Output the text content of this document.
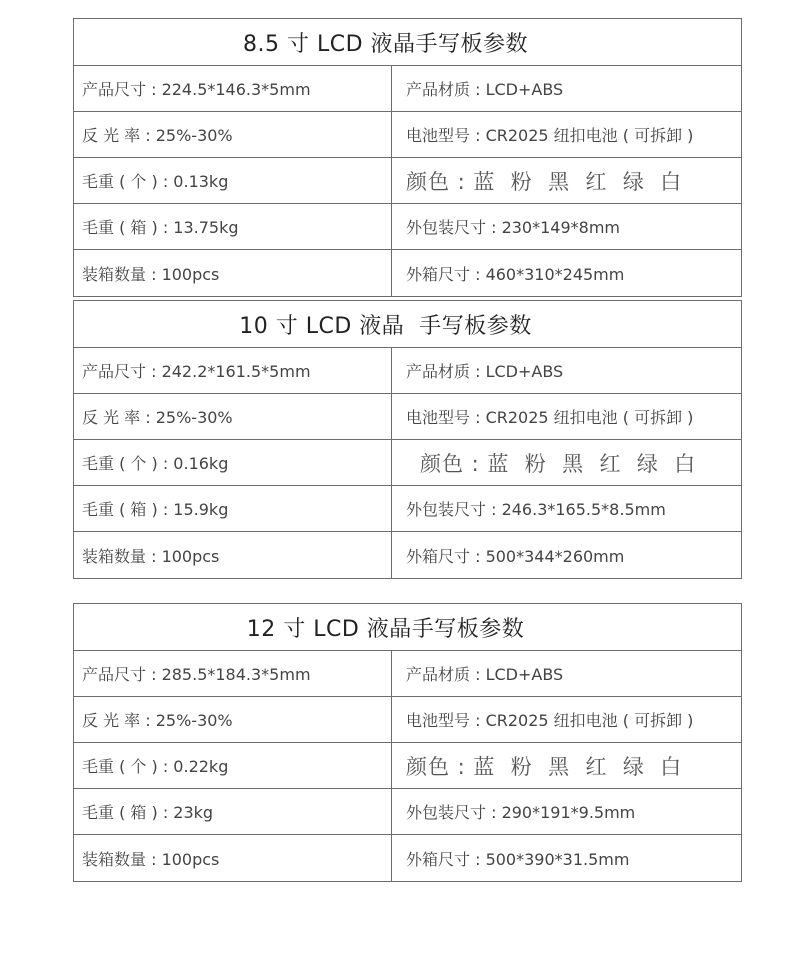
8.5 寸 LCD 液晶手写板参数
产品尺寸 : 224.5*146.3*5mm	产品材质 : LCD+ABS
反 光 率 : 25%-30%	电池型号 : CR2025 纽扣电池 ( 可拆卸 )
毛重 ( 个 ) : 0.13kg	颜色 : 蓝  粉  黑  红  绿  白
毛重 ( 箱 ) : 13.75kg	外包装尺寸 : 230*149*8mm
装箱数量 : 100pcs	外箱尺寸 : 460*310*245mm
10 寸 LCD 液晶  手写板参数
产品尺寸 : 242.2*161.5*5mm	产品材质 : LCD+ABS
反 光 率 : 25%-30%	电池型号 : CR2025 纽扣电池 ( 可拆卸 )
毛重 ( 个 ) : 0.16kg	颜色 : 蓝  粉  黑  红  绿  白
毛重 ( 箱 ) : 15.9kg	外包装尺寸 : 246.3*165.5*8.5mm
装箱数量 : 100pcs	外箱尺寸 : 500*344*260mm
12 寸 LCD 液晶手写板参数
产品尺寸 : 285.5*184.3*5mm	产品材质 : LCD+ABS
反 光 率 : 25%-30%	电池型号 : CR2025 纽扣电池 ( 可拆卸 )
毛重 ( 个 ) : 0.22kg	颜色 : 蓝  粉  黑  红  绿  白
毛重 ( 箱 ) : 23kg	外包装尺寸 : 290*191*9.5mm
装箱数量 : 100pcs	外箱尺寸 : 500*390*31.5mm
